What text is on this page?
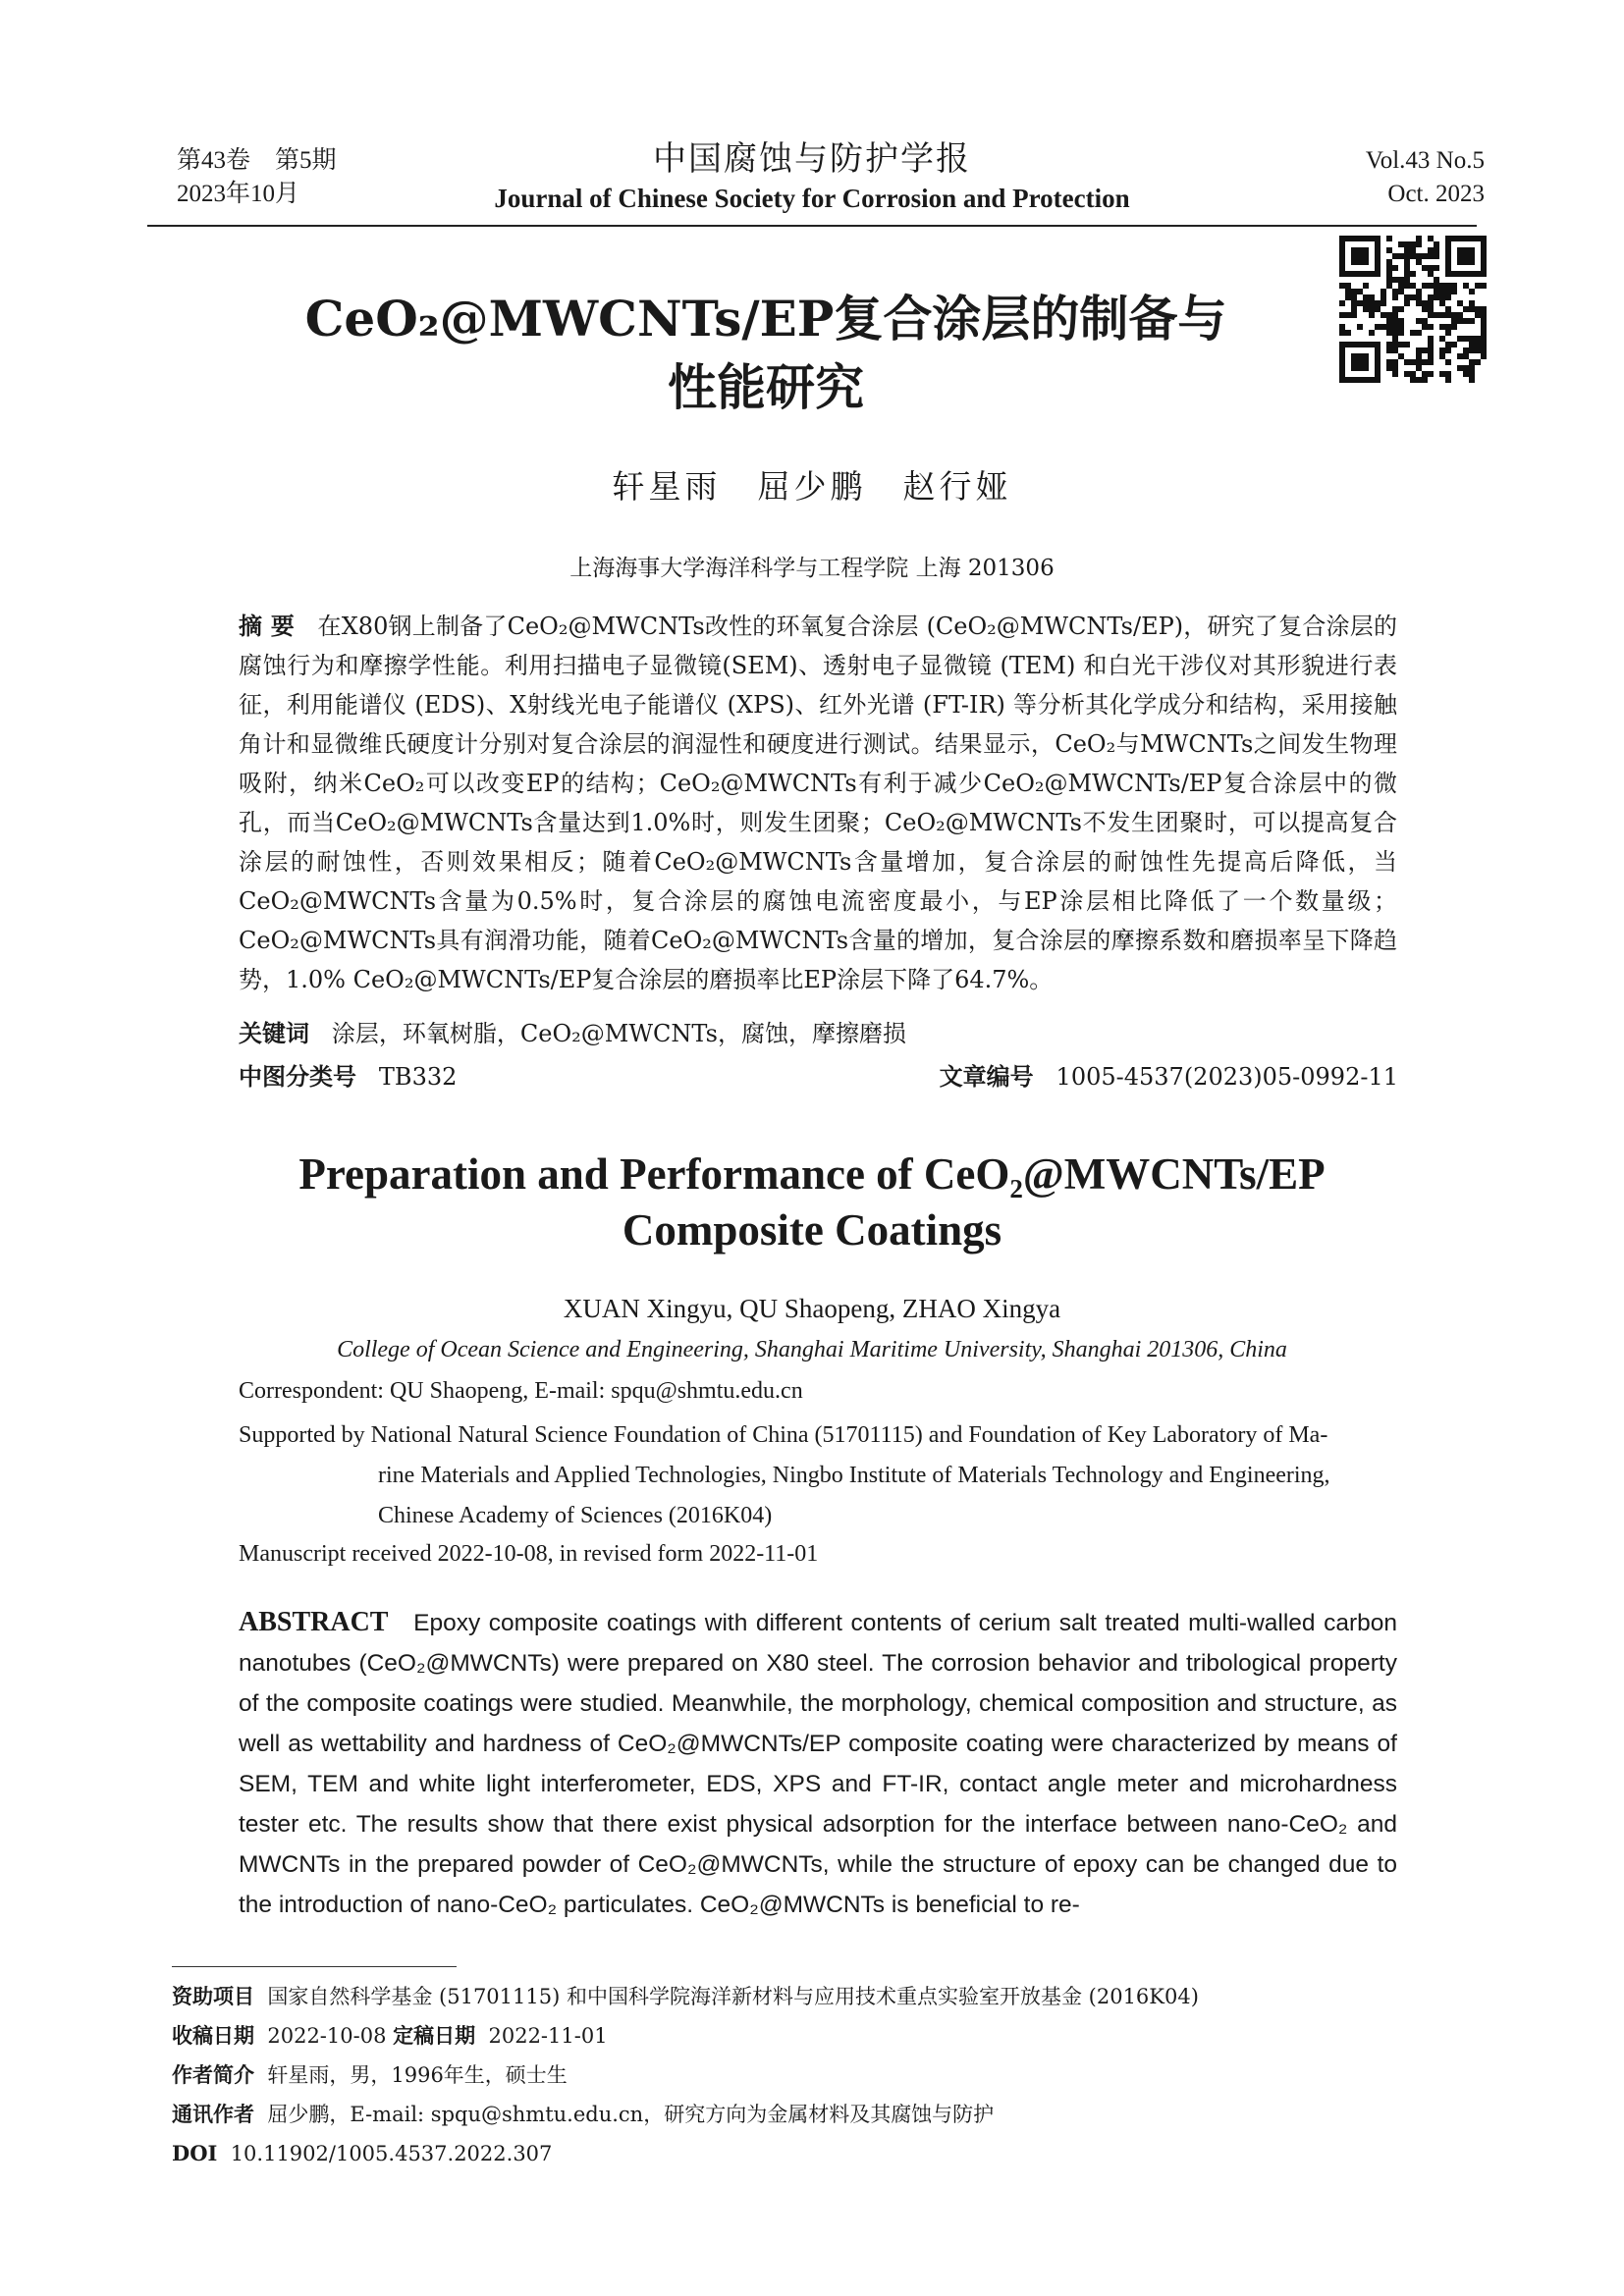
第43卷　第5期
2023年10月
中国腐蚀与防护学报
Journal of Chinese Society for Corrosion and Protection
Vol.43 No.5
Oct. 2023
CeO₂@MWCNTs/EP复合涂层的制备与
性能研究
轩星雨　屈少鹏　赵行娅
上海海事大学海洋科学与工程学院 上海 201306
摘 要 在X80钢上制备了CeO₂@MWCNTs改性的环氧复合涂层 (CeO₂@MWCNTs/EP)，研究了复合涂层的腐蚀行为和摩擦学性能。利用扫描电子显微镜(SEM)、透射电子显微镜 (TEM) 和白光干涉仪对其形貌进行表征，利用能谱仪 (EDS)、X射线光电子能谱仪 (XPS)、红外光谱 (FT-IR) 等分析其化学成分和结构，采用接触角计和显微维氏硬度计分别对复合涂层的润湿性和硬度进行测试。结果显示，CeO₂与MWCNTs之间发生物理吸附，纳米CeO₂可以改变EP的结构；CeO₂@MWCNTs有利于减少CeO₂@MWCNTs/EP复合涂层中的微孔，而当CeO₂@MWCNTs含量达到1.0%时，则发生团聚；CeO₂@MWCNTs不发生团聚时，可以提高复合涂层的耐蚀性，否则效果相反；随着CeO₂@MWCNTs含量增加，复合涂层的耐蚀性先提高后降低，当CeO₂@MWCNTs含量为0.5%时，复合涂层的腐蚀电流密度最小，与EP涂层相比降低了一个数量级；CeO₂@MWCNTs具有润滑功能，随着CeO₂@MWCNTs含量的增加，复合涂层的摩擦系数和磨损率呈下降趋势，1.0% CeO₂@MWCNTs/EP复合涂层的磨损率比EP涂层下降了64.7%。
关键词 涂层，环氧树脂，CeO₂@MWCNTs，腐蚀，摩擦磨损
中图分类号 TB332	文章编号 1005-4537(2023)05-0992-11
Preparation and Performance of CeO₂@MWCNTs/EP
Composite Coatings
XUAN Xingyu, QU Shaopeng, ZHAO Xingya
College of Ocean Science and Engineering, Shanghai Maritime University, Shanghai 201306, China
Correspondent: QU Shaopeng, E-mail: spqu@shmtu.edu.cn
Supported by National Natural Science Foundation of China (51701115) and Foundation of Key Laboratory of Ma-
rine Materials and Applied Technologies, Ningbo Institute of Materials Technology and Engineering,
Chinese Academy of Sciences (2016K04)
Manuscript received 2022-10-08, in revised form 2022-11-01
ABSTRACT Epoxy composite coatings with different contents of cerium salt treated multi-walled carbon nanotubes (CeO₂@MWCNTs) were prepared on X80 steel. The corrosion behavior and tribological property of the composite coatings were studied. Meanwhile, the morphology, chemical composition and structure, as well as wettability and hardness of CeO₂@MWCNTs/EP composite coating were characterized by means of SEM, TEM and white light interferometer, EDS, XPS and FT-IR, contact angle meter and microhardness tester etc. The results show that there exist physical adsorption for the interface between nano-CeO₂ and MWCNTs in the prepared powder of CeO₂@MWCNTs, while the structure of epoxy can be changed due to the introduction of nano-CeO₂ particulates. CeO₂@MWCNTs is beneficial to re-
资助项目 国家自然科学基金 (51701115) 和中国科学院海洋新材料与应用技术重点实验室开放基金 (2016K04)
收稿日期 2022-10-08 定稿日期 2022-11-01
作者简介 轩星雨，男，1996年生，硕士生
通讯作者 屈少鹏，E-mail: spqu@shmtu.edu.cn，研究方向为金属材料及其腐蚀与防护
DOI 10.11902/1005.4537.2022.307
